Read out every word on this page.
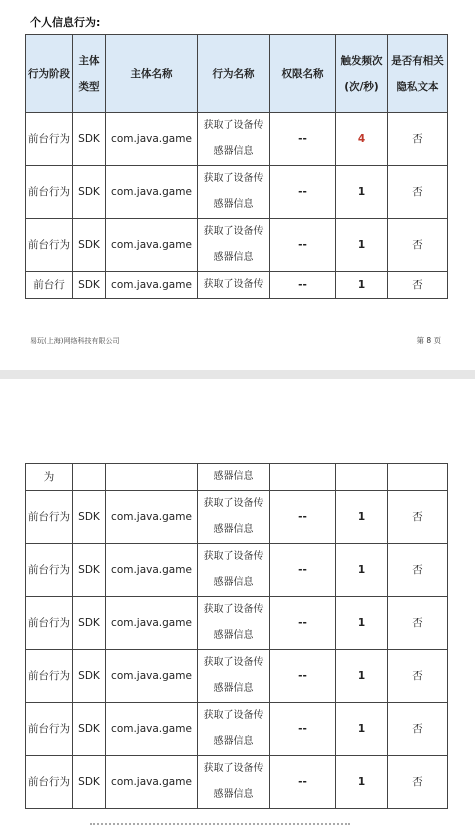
个人信息行为:
行为阶段	主体类型	主体名称	行为名称	权限名称	触发频次(次/秒)	是否有相关隐私文本
前台行为	SDK	com.java.game	获取了设备传感器信息	--	4	否
前台行为	SDK	com.java.game	获取了设备传感器信息	--	1	否
前台行为	SDK	com.java.game	获取了设备传感器信息	--	1	否
前台行	SDK	com.java.game	获取了设备传	--	1	否
易玩(上海)网络科技有限公司	第 8 页
为			感器信息			
前台行为	SDK	com.java.game	获取了设备传感器信息	--	1	否
前台行为	SDK	com.java.game	获取了设备传感器信息	--	1	否
前台行为	SDK	com.java.game	获取了设备传感器信息	--	1	否
前台行为	SDK	com.java.game	获取了设备传感器信息	--	1	否
前台行为	SDK	com.java.game	获取了设备传感器信息	--	1	否
前台行为	SDK	com.java.game	获取了设备传感器信息	--	1	否
